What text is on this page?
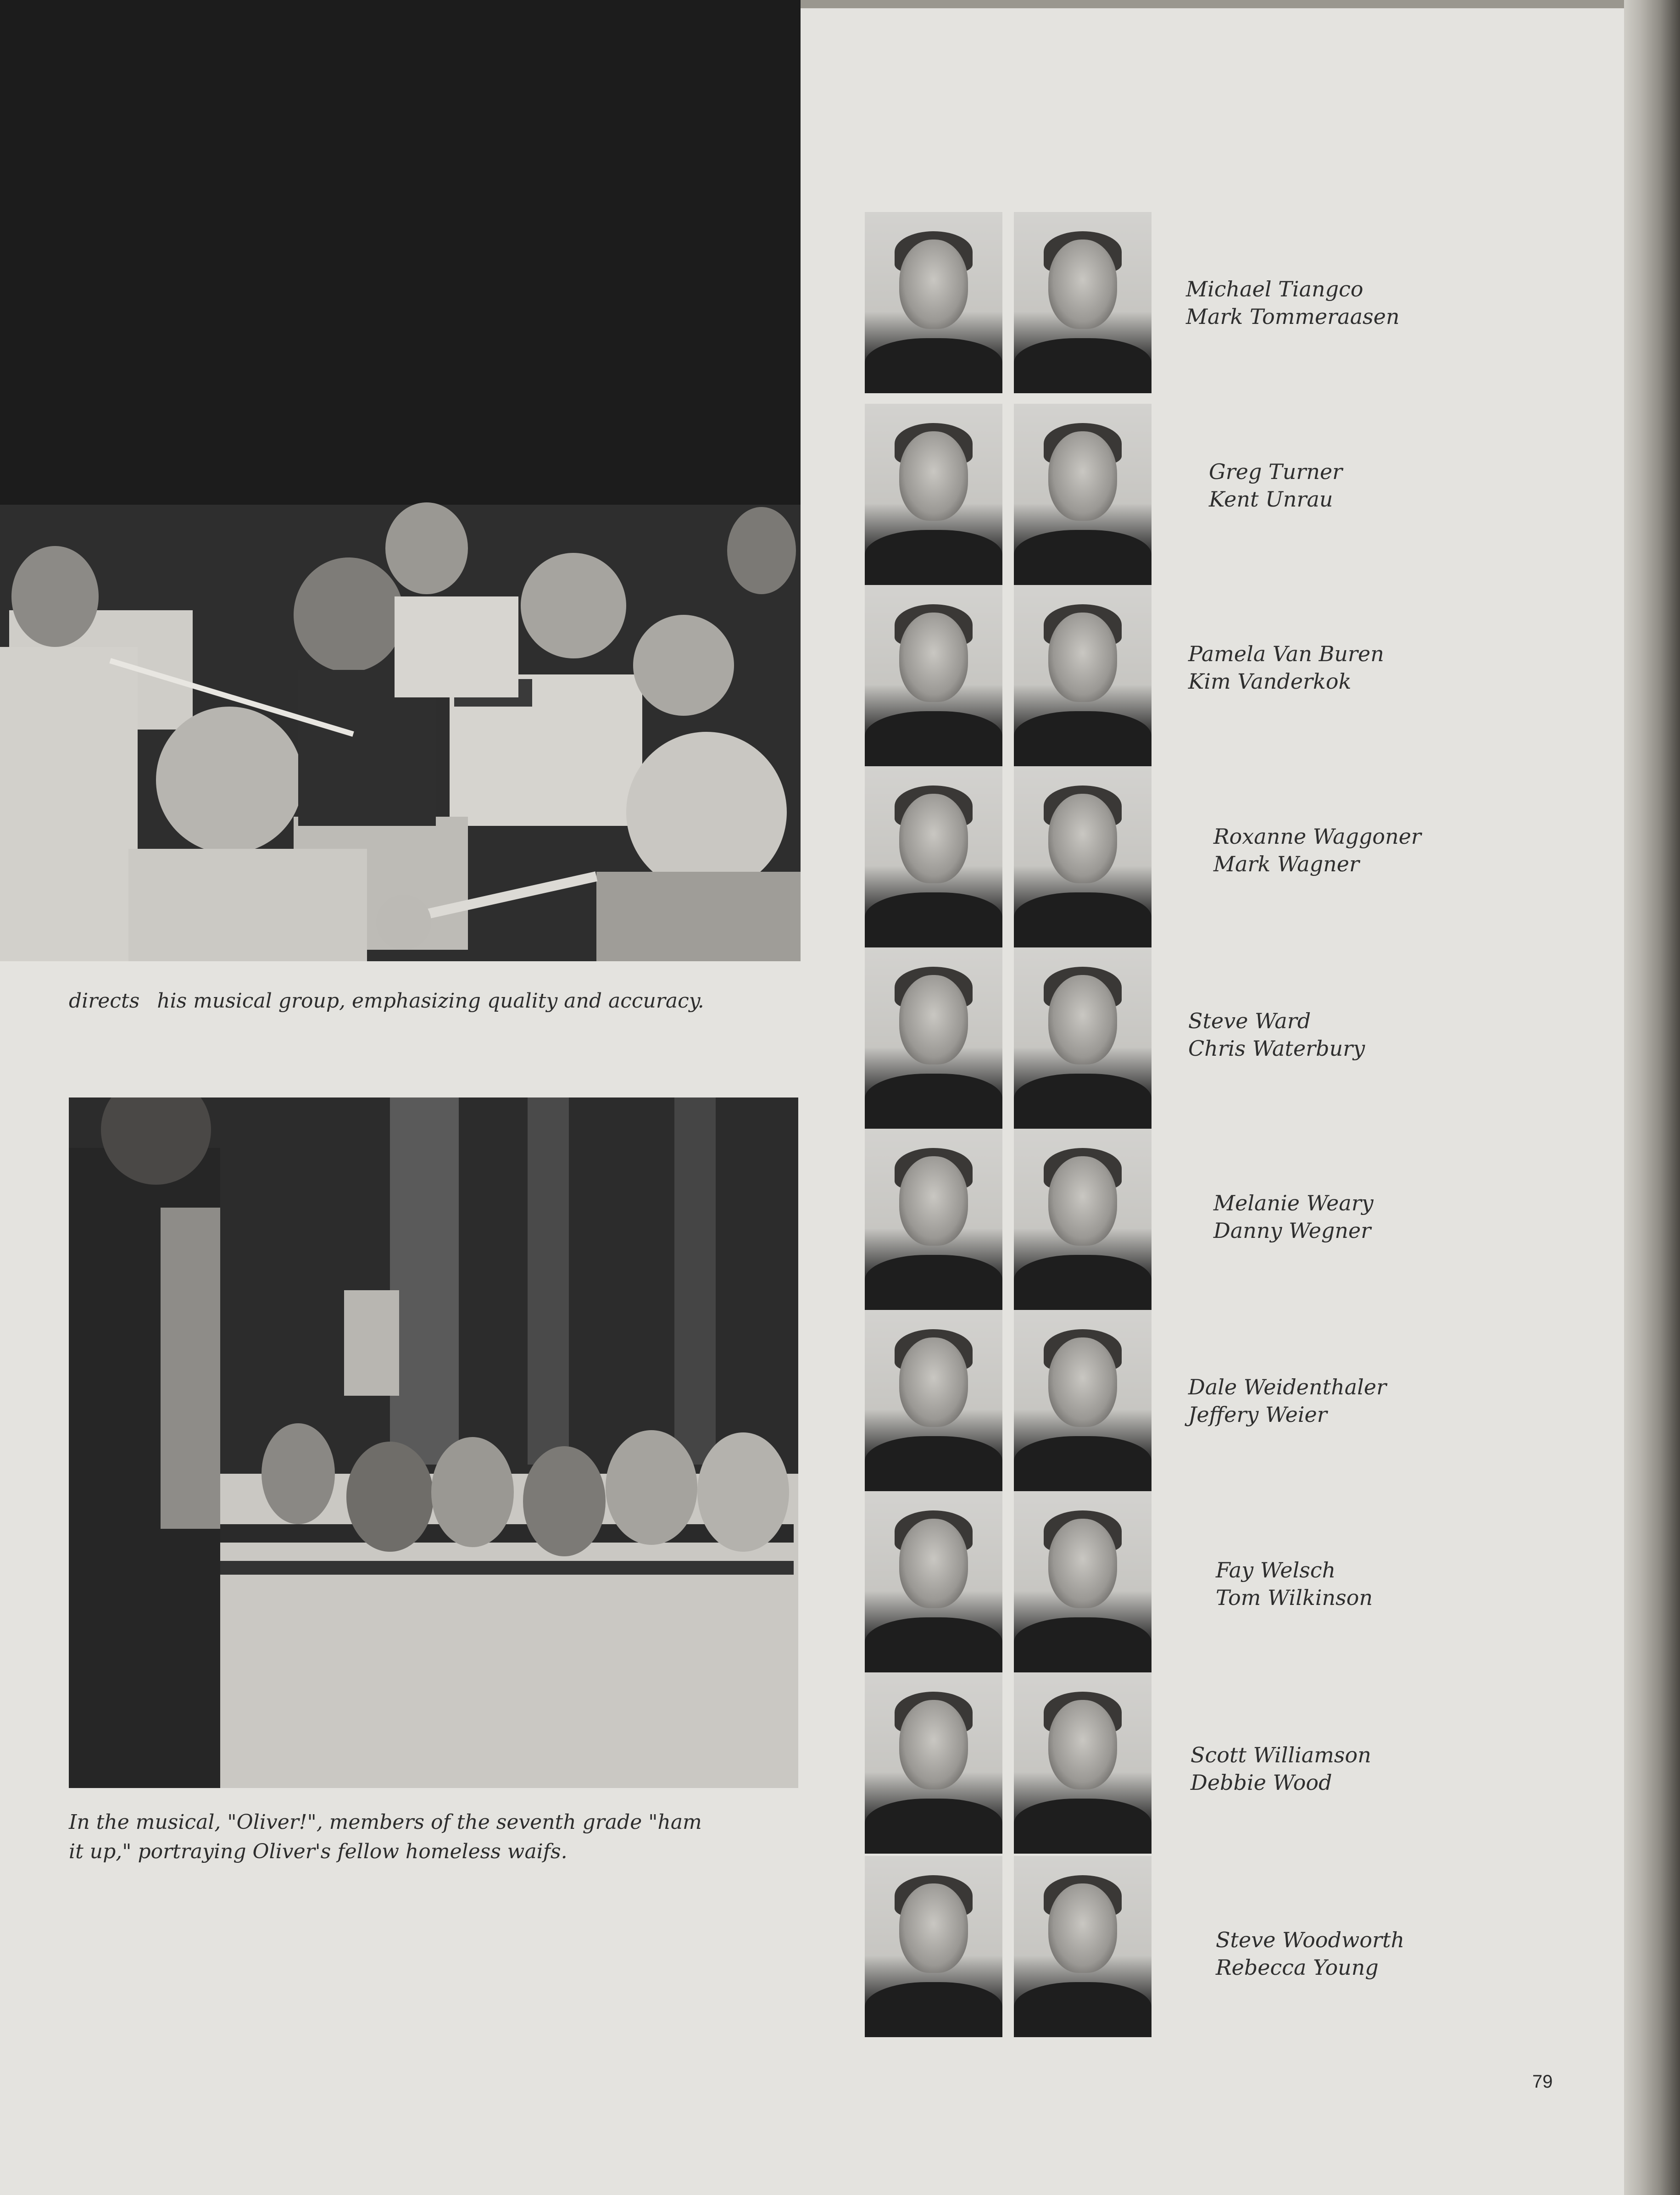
directs his musical group, emphasizing quality and accuracy.

In the musical, "Oliver!", members of the seventh grade "ham
it up," portraying Oliver's fellow homeless waifs.

Michael Tiangco
Mark Tommeraasen
Greg Turner
Kent Unrau
Pamela Van Buren
Kim Vanderkok
Roxanne Waggoner
Mark Wagner
Steve Ward
Chris Waterbury
Melanie Weary
Danny Wegner
Dale Weidenthaler
Jeffery Weier
Fay Welsch
Tom Wilkinson
Scott Williamson
Debbie Wood
Steve Woodworth
Rebecca Young
79
